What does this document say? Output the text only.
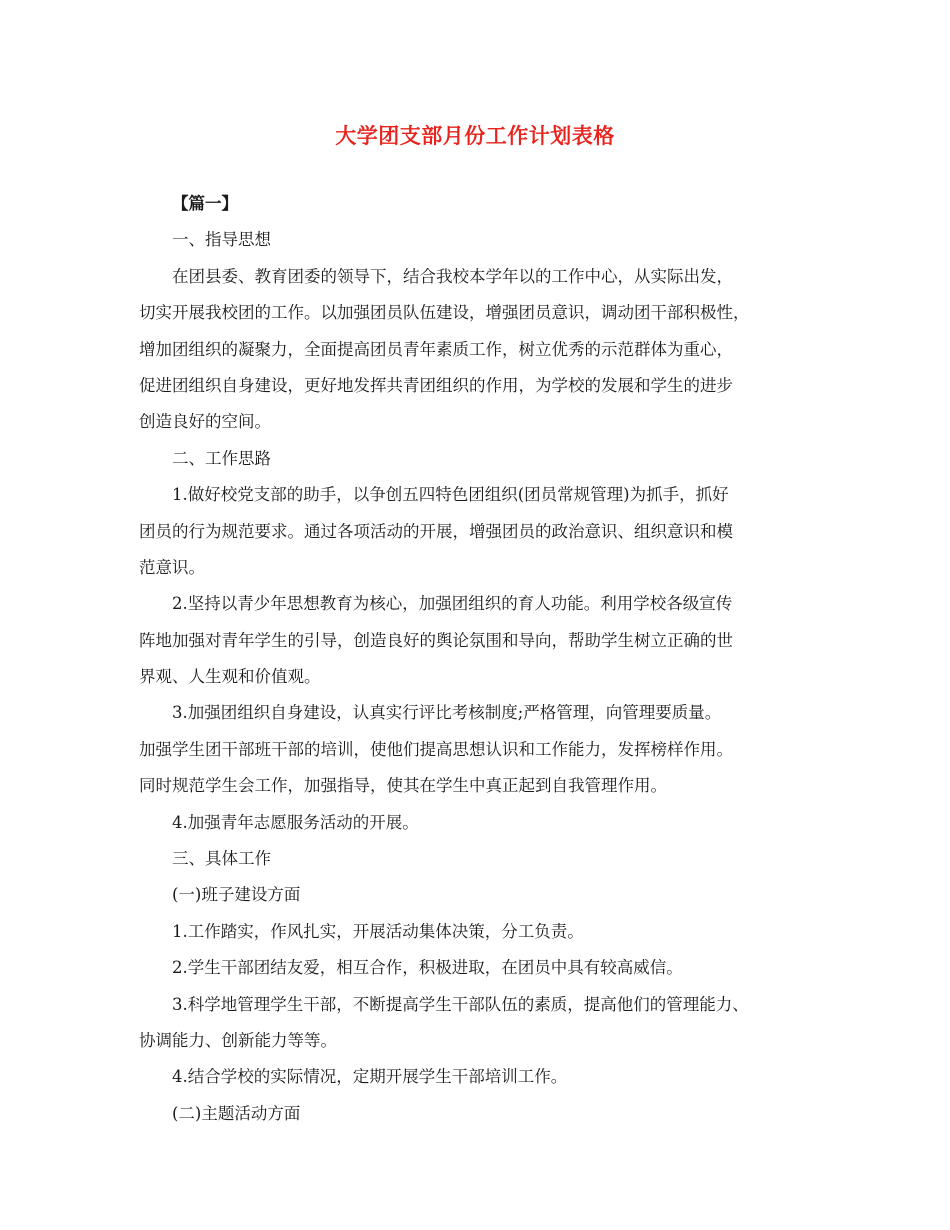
大学团支部月份工作计划表格
【篇一】
一、指导思想
在团县委、教育团委的领导下，结合我校本学年以的工作中心，从实际出发，
切实开展我校团的工作。以加强团员队伍建设，增强团员意识，调动团干部积极性，
增加团组织的凝聚力，全面提高团员青年素质工作，树立优秀的示范群体为重心，
促进团组织自身建设，更好地发挥共青团组织的作用，为学校的发展和学生的进步
创造良好的空间。
二、工作思路
1.做好校党支部的助手，以争创五四特色团组织(团员常规管理)为抓手，抓好
团员的行为规范要求。通过各项活动的开展，增强团员的政治意识、组织意识和模
范意识。
2.坚持以青少年思想教育为核心，加强团组织的育人功能。利用学校各级宣传
阵地加强对青年学生的引导，创造良好的舆论氛围和导向，帮助学生树立正确的世
界观、人生观和价值观。
3.加强团组织自身建设，认真实行评比考核制度;严格管理，向管理要质量。
加强学生团干部班干部的培训，使他们提高思想认识和工作能力，发挥榜样作用。
同时规范学生会工作，加强指导，使其在学生中真正起到自我管理作用。
4.加强青年志愿服务活动的开展。
三、具体工作
(一)班子建设方面
1.工作踏实，作风扎实，开展活动集体决策，分工负责。
2.学生干部团结友爱，相互合作，积极进取，在团员中具有较高威信。
3.科学地管理学生干部，不断提高学生干部队伍的素质，提高他们的管理能力、
协调能力、创新能力等等。
4.结合学校的实际情况，定期开展学生干部培训工作。
(二)主题活动方面
